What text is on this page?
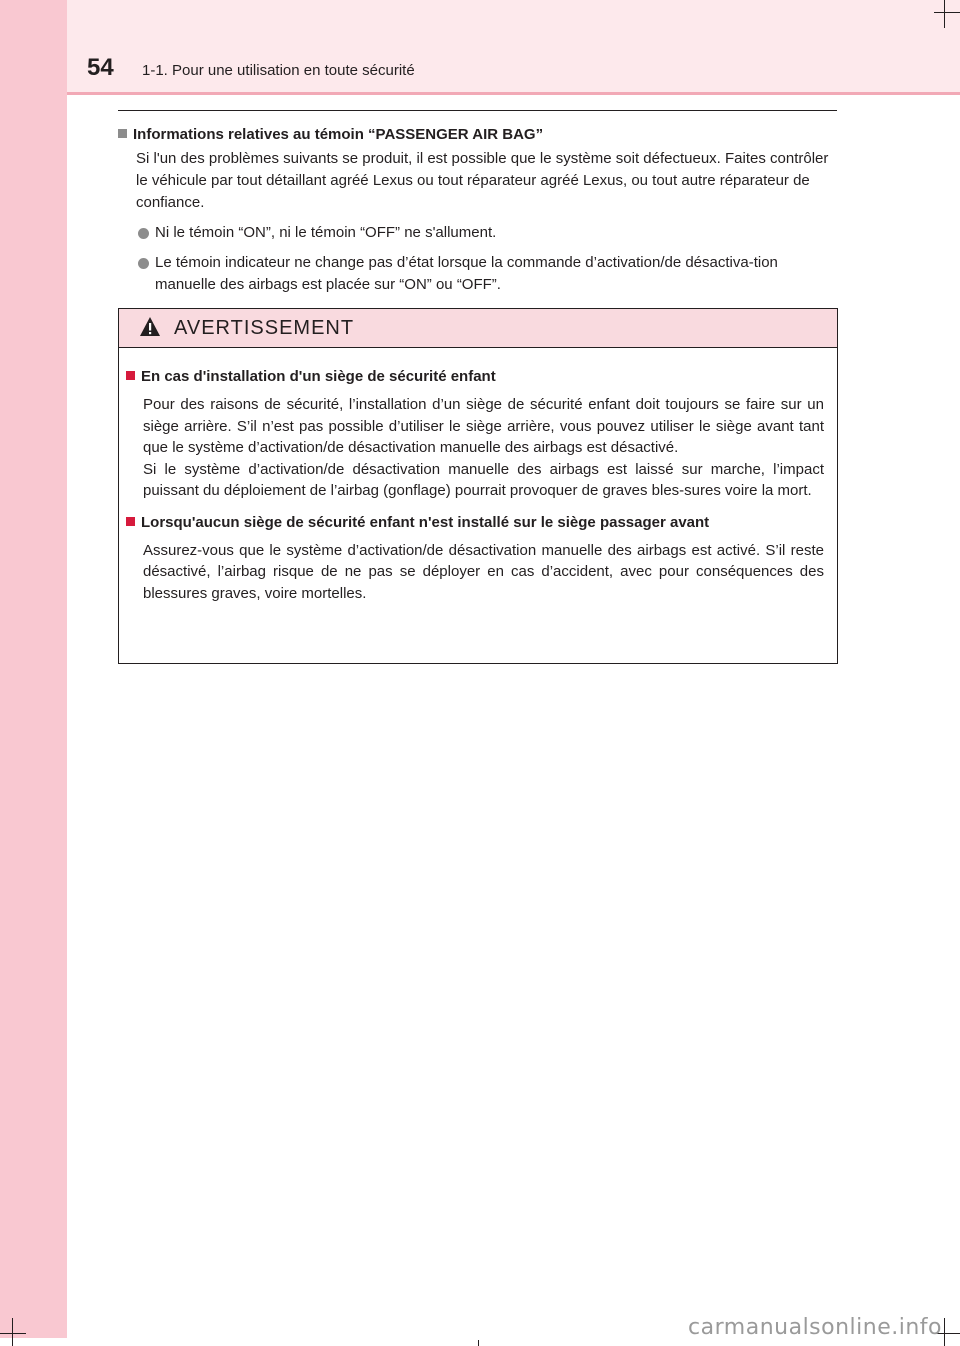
54 1-1. Pour une utilisation en toute sécurité
Informations relatives au témoin “PASSENGER AIR BAG”

Si l'un des problèmes suivants se produit, il est possible que le système soit défectueux. Faites contrôler le véhicule par tout détaillant agréé Lexus ou tout réparateur agréé Lexus, ou tout autre réparateur de confiance.

Ni le témoin “ON”, ni le témoin “OFF” ne s'allument.
Le témoin indicateur ne change pas d’état lorsque la commande d’activation/de désactiva-tion manuelle des airbags est placée sur “ON” ou “OFF”.
AVERTISSEMENT
En cas d'installation d'un siège de sécurité enfant

Pour des raisons de sécurité, l’installation d’un siège de sécurité enfant doit toujours se faire sur un siège arrière. S’il n’est pas possible d’utiliser le siège arrière, vous pouvez utiliser le siège avant tant que le système d’activation/de désactivation manuelle des airbags est désactivé.

Si le système d’activation/de désactivation manuelle des airbags est laissé sur marche, l’impact puissant du déploiement de l’airbag (gonflage) pourrait provoquer de graves bles-sures voire la mort.

Lorsqu'aucun siège de sécurité enfant n'est installé sur le siège passager avant

Assurez-vous que le système d’activation/de désactivation manuelle des airbags est activé. S’il reste désactivé, l’airbag risque de ne pas se déployer en cas d’accident, avec pour conséquences des blessures graves, voire mortelles.

carmanualsonline.info
